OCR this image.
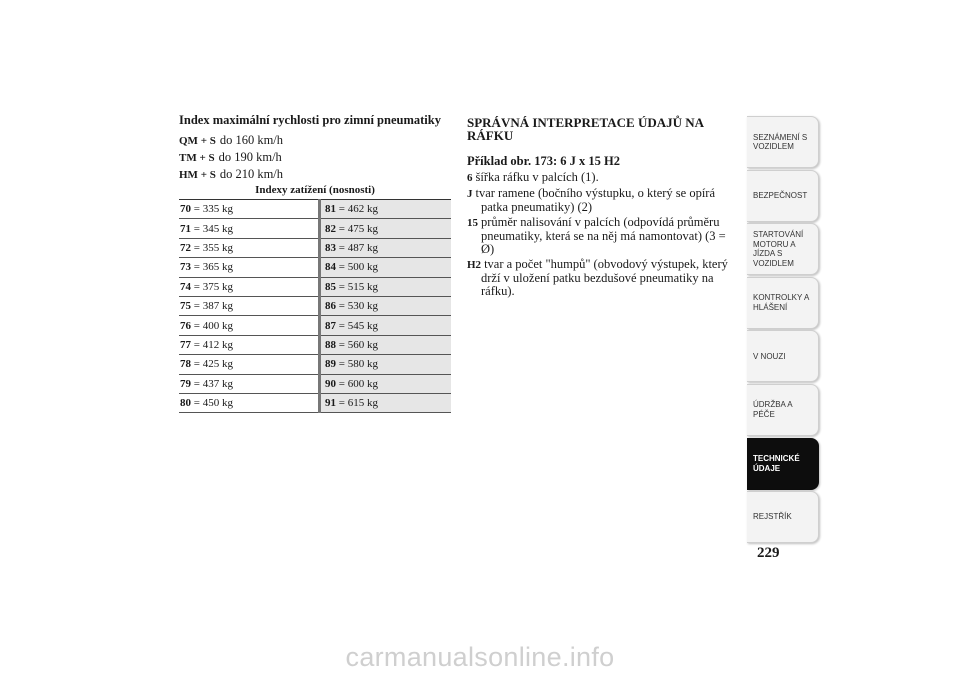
Index maximální rychlosti pro zimní pneumatiky
QM + S do 160 km/h
TM + S do 190 km/h
HM + S do 210 km/h
Indexy zatížení (nosnosti)
70 = 335 kg	81 = 462 kg
71 = 345 kg	82 = 475 kg
72 = 355 kg	83 = 487 kg
73 = 365 kg	84 = 500 kg
74 = 375 kg	85 = 515 kg
75 = 387 kg	86 = 530 kg
76 = 400 kg	87 = 545 kg
77 = 412 kg	88 = 560 kg
78 = 425 kg	89 = 580 kg
79 = 437 kg	90 = 600 kg
80 = 450 kg	91 = 615 kg
SPRÁVNÁ INTERPRETACE ÚDAJŮ NA RÁFKU
Příklad obr. 173: 6 J x 15 H2
6 šířka ráfku v palcích (1).
J tvar ramene (bočního výstupku, o který se opírá patka pneumatiky) (2)
15 průměr nalisování v palcích (odpovídá průměru pneumatiky, která se na něj má namontovat) (3 = Ø)
H2 tvar a počet "humpů" (obvodový výstupek, který drží v uložení patku bezdušové pneumatiky na ráfku).
SEZNÁMENÍ S VOZIDLEM
BEZPEČNOST
STARTOVÁNÍ MOTORU A JÍZDA S VOZIDLEM
KONTROLKY A HLÁŠENÍ
V NOUZI
ÚDRŽBA A PÉČE
TECHNICKÉ ÚDAJE
REJSTŘÍK
229
carmanualsonline.info
